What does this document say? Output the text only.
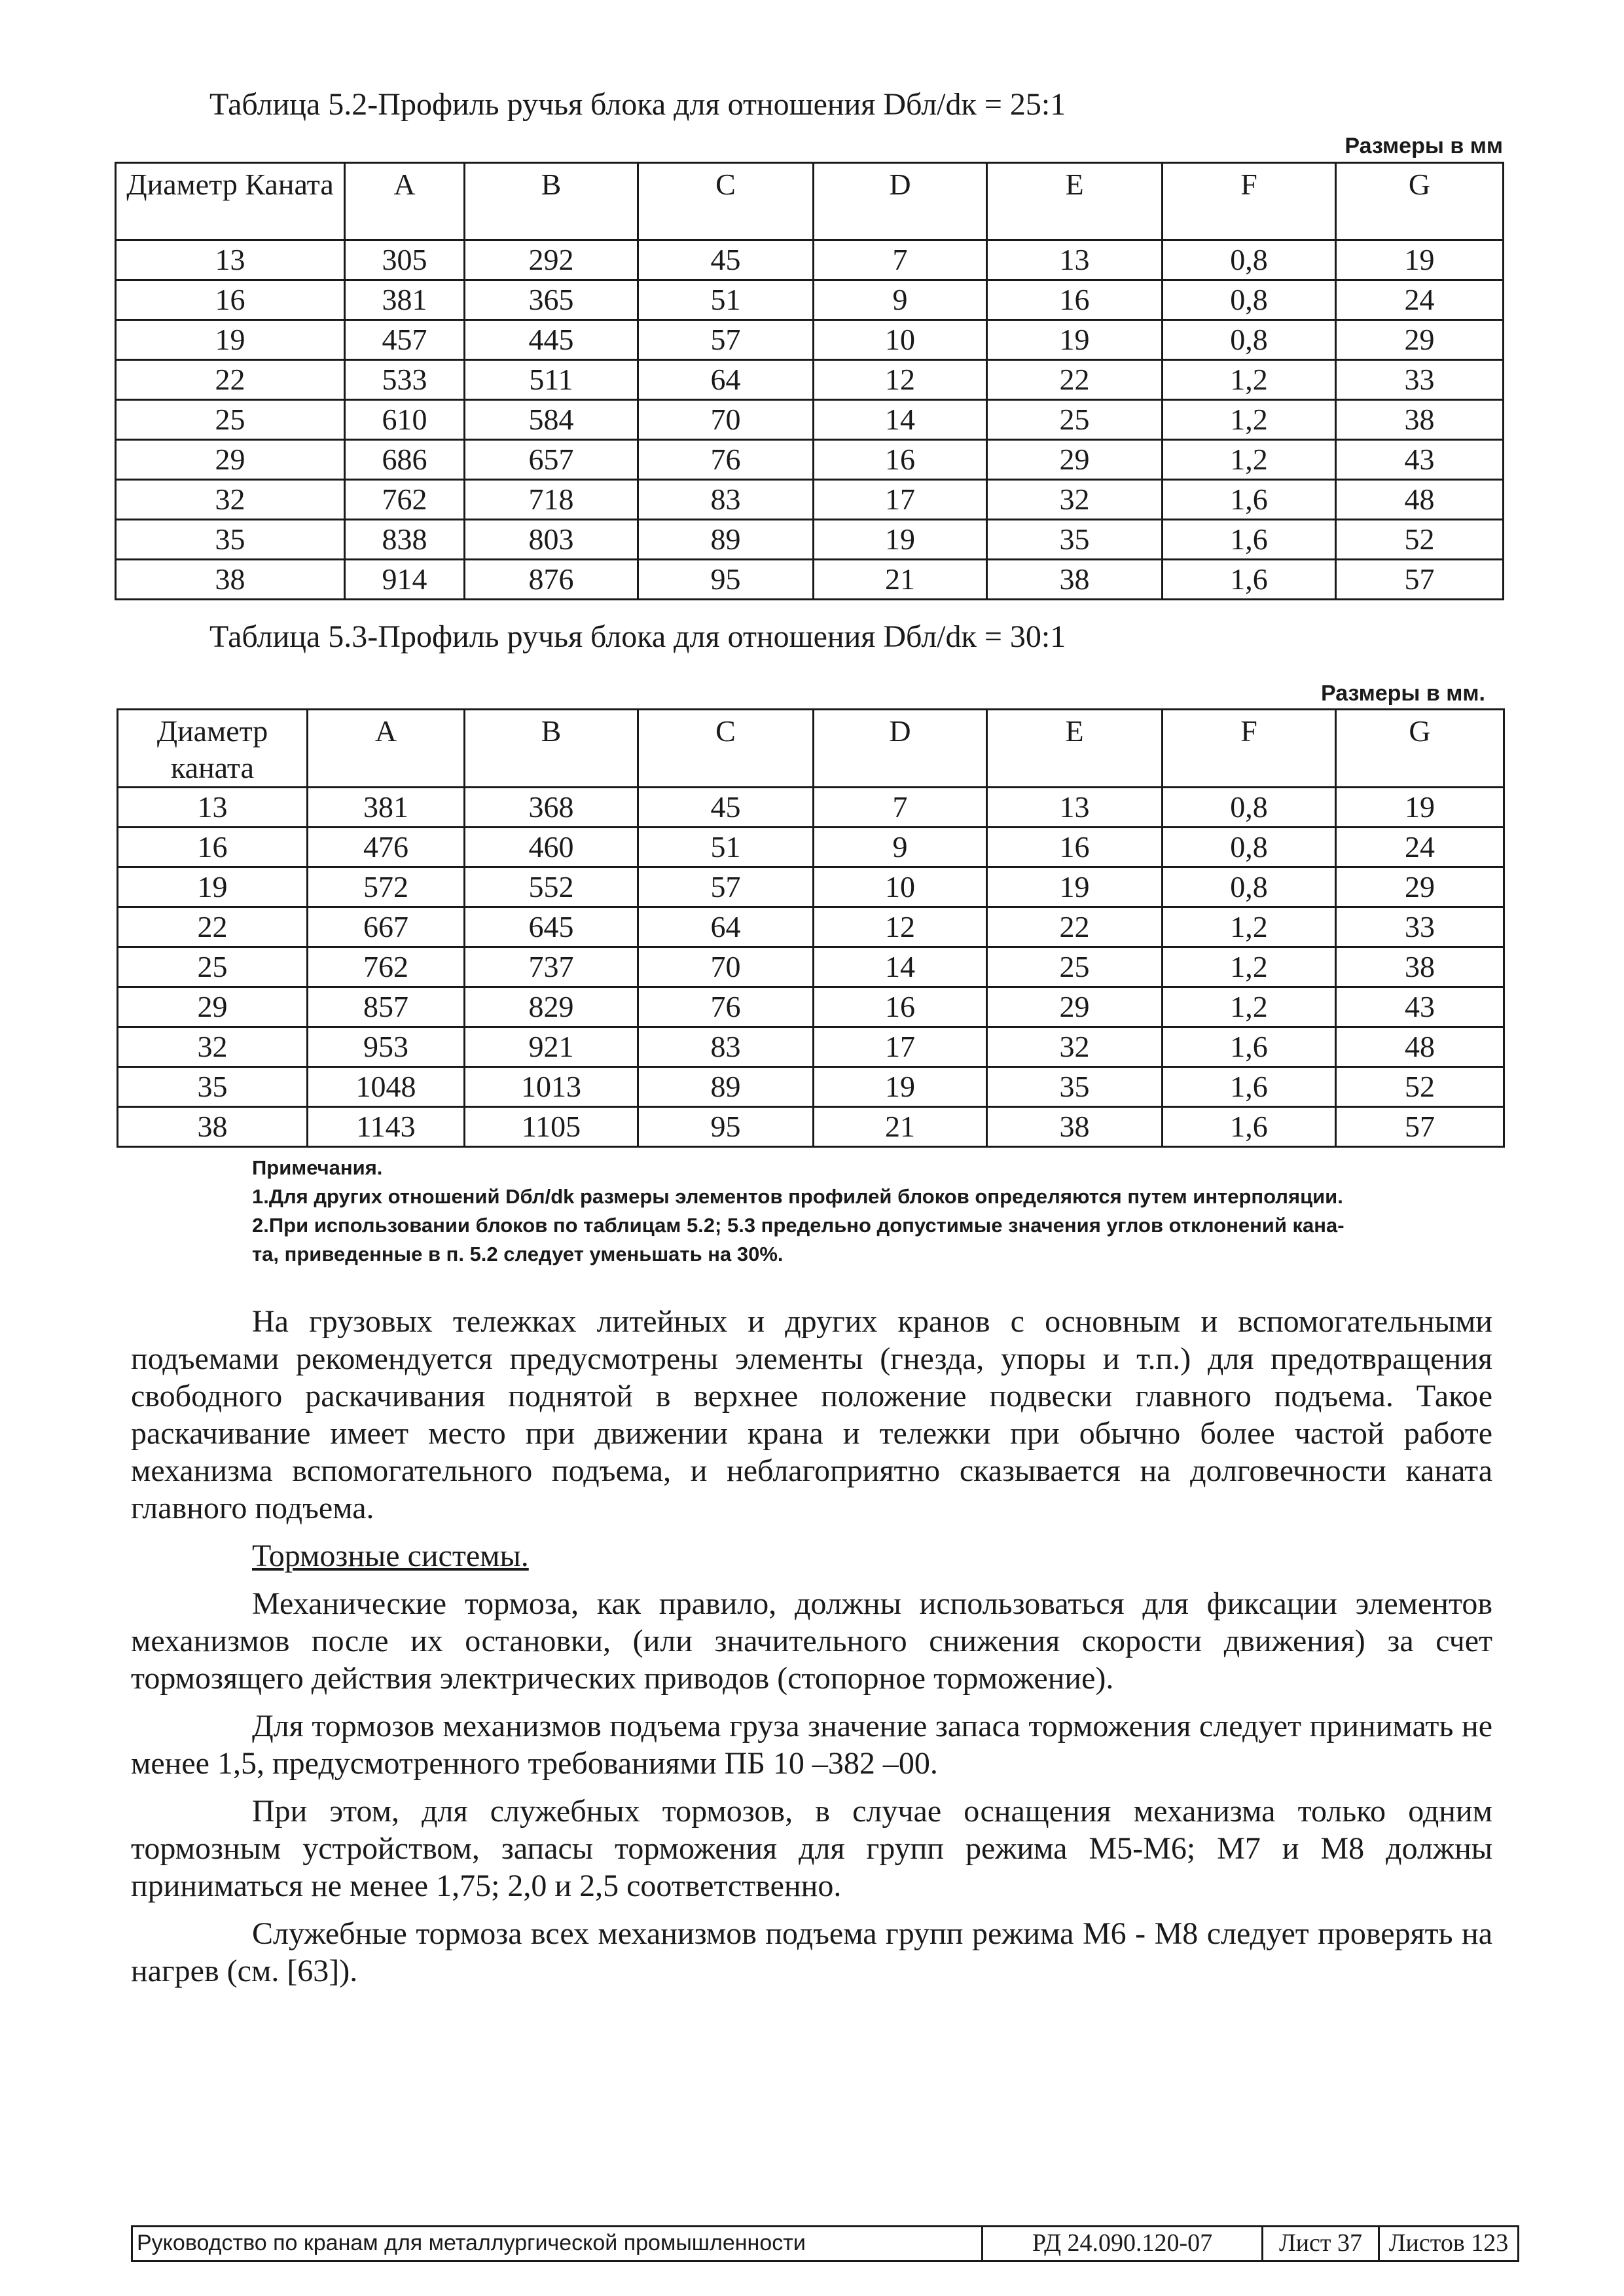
Таблица 5.2-Профиль ручья блока для отношения Dбл/dк = 25:1
Размеры в мм
Диаметр Каната	A	B	C	D	E	F	G
13	305	292	45	7	13	0,8	19
16	381	365	51	9	16	0,8	24
19	457	445	57	10	19	0,8	29
22	533	511	64	12	22	1,2	33
25	610	584	70	14	25	1,2	38
29	686	657	76	16	29	1,2	43
32	762	718	83	17	32	1,6	48
35	838	803	89	19	35	1,6	52
38	914	876	95	21	38	1,6	57
Таблица 5.3-Профиль ручья блока для отношения Dбл/dк = 30:1
Размеры в мм.
Диаметр каната	A	B	C	D	E	F	G
13	381	368	45	7	13	0,8	19
16	476	460	51	9	16	0,8	24
19	572	552	57	10	19	0,8	29
22	667	645	64	12	22	1,2	33
25	762	737	70	14	25	1,2	38
29	857	829	76	16	29	1,2	43
32	953	921	83	17	32	1,6	48
35	1048	1013	89	19	35	1,6	52
38	1143	1105	95	21	38	1,6	57

Примечания.

1.Для других отношений Dбл/dk размеры элементов профилей блоков определяются путем интерполяции.

2.При использовании блоков по таблицам 5.2; 5.3 предельно допустимые значения углов отклонений кана-

та, приведенные в п. 5.2 следует уменьшать на 30%.

На грузовых тележках литейных и других кранов с основным и вспомогательными подъемами рекомендуется предусмотрены элементы (гнезда, упоры и т.п.) для предотвращения свободного раскачивания поднятой в верхнее положение подвески главного подъема. Такое раскачивание имеет место при движении крана и тележки при обычно более частой работе механизма вспомогательного подъема, и неблагоприятно сказывается на долговечности каната главного подъема.

Тормозные системы.

Механические тормоза, как правило, должны использоваться для фиксации элементов механизмов после их остановки, (или значительного снижения скорости движения) за счет тормозящего действия электрических приводов (стопорное торможение).

Для тормозов механизмов подъема груза значение запаса торможения следует принимать не менее 1,5, предусмотренного требованиями ПБ 10 –382 –00.

При этом, для служебных тормозов, в случае оснащения механизма только одним тормозным устройством, запасы торможения для групп режима М5-М6; М7 и М8 должны приниматься не менее 1,75; 2,0 и 2,5 соответственно.

Служебные тормоза всех механизмов подъема групп режима М6 - М8 следует проверять на нагрев (см. [63]).

Руководство по кранам для металлургической промышленности	РД 24.090.120-07	Лист 37	Листов 123
